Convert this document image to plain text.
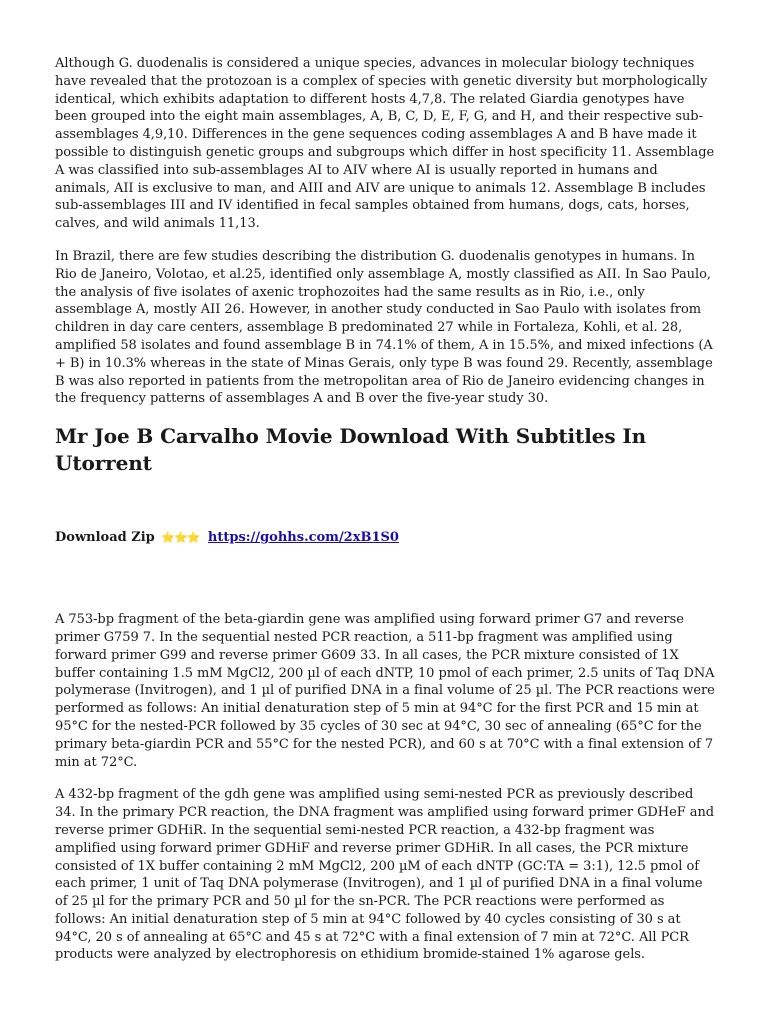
Although G. duodenalis is considered a unique species, advances in molecular biology techniques have revealed that the protozoan is a complex of species with genetic diversity but morphologically identical, which exhibits adaptation to different hosts 4,7,8. The related Giardia genotypes have been grouped into the eight main assemblages, A, B, C, D, E, F, G, and H, and their respective sub-assemblages 4,9,10. Differences in the gene sequences coding assemblages A and B have made it possible to distinguish genetic groups and subgroups which differ in host specificity 11. Assemblage A was classified into sub-assemblages AI to AIV where AI is usually reported in humans and animals, AII is exclusive to man, and AIII and AIV are unique to animals 12. Assemblage B includes sub-assemblages III and IV identified in fecal samples obtained from humans, dogs, cats, horses, calves, and wild animals 11,13.

In Brazil, there are few studies describing the distribution G. duodenalis genotypes in humans. In Rio de Janeiro, Volotao, et al.25, identified only assemblage A, mostly classified as AII. In Sao Paulo, the analysis of five isolates of axenic trophozoites had the same results as in Rio, i.e., only assemblage A, mostly AII 26. However, in another study conducted in Sao Paulo with isolates from children in day care centers, assemblage B predominated 27 while in Fortaleza, Kohli, et al. 28, amplified 58 isolates and found assemblage B in 74.1% of them, A in 15.5%, and mixed infections (A + B) in 10.3% whereas in the state of Minas Gerais, only type B was found 29. Recently, assemblage B was also reported in patients from the metropolitan area of Rio de Janeiro evidencing changes in the frequency patterns of assemblages A and B over the five-year study 30.

Mr Joe B Carvalho Movie Download With Subtitles In Utorrent
Download Zip ⭐⭐⭐ https://gohhs.com/2xB1S0

A 753-bp fragment of the beta-giardin gene was amplified using forward primer G7 and reverse primer G759 7. In the sequential nested PCR reaction, a 511-bp fragment was amplified using forward primer G99 and reverse primer G609 33. In all cases, the PCR mixture consisted of 1X buffer containing 1.5 mM MgCl2, 200 µl of each dNTP, 10 pmol of each primer, 2.5 units of Taq DNA polymerase (Invitrogen), and 1 µl of purified DNA in a final volume of 25 µl. The PCR reactions were performed as follows: An initial denaturation step of 5 min at 94°C for the first PCR and 15 min at 95°C for the nested-PCR followed by 35 cycles of 30 sec at 94°C, 30 sec of annealing (65°C for the primary beta-giardin PCR and 55°C for the nested PCR), and 60 s at 70°C with a final extension of 7 min at 72°C.

A 432-bp fragment of the gdh gene was amplified using semi-nested PCR as previously described 34. In the primary PCR reaction, the DNA fragment was amplified using forward primer GDHeF and reverse primer GDHiR. In the sequential semi-nested PCR reaction, a 432-bp fragment was amplified using forward primer GDHiF and reverse primer GDHiR. In all cases, the PCR mixture consisted of 1X buffer containing 2 mM MgCl2, 200 µM of each dNTP (GC:TA = 3:1), 12.5 pmol of each primer, 1 unit of Taq DNA polymerase (Invitrogen), and 1 µl of purified DNA in a final volume of 25 µl for the primary PCR and 50 µl for the sn-PCR. The PCR reactions were performed as follows: An initial denaturation step of 5 min at 94°C followed by 40 cycles consisting of 30 s at 94°C, 20 s of annealing at 65°C and 45 s at 72°C with a final extension of 7 min at 72°C. All PCR products were analyzed by electrophoresis on ethidium bromide-stained 1% agarose gels.
